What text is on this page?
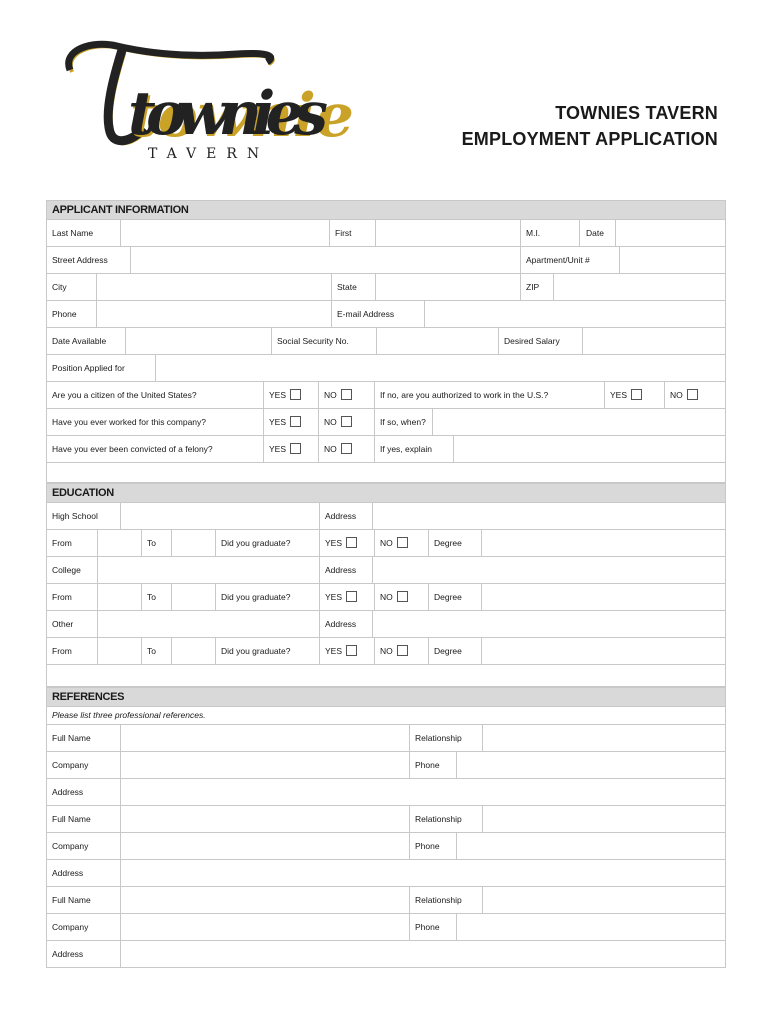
townie
townies
TAVERN
TOWNIES TAVERN
EMPLOYMENT APPLICATION
APPLICANT INFORMATION
Last Name	First	M.I.	Date
Street Address	Apartment/Unit #
City	State	ZIP
Phone	E-mail Address
Date Available	Social Security No.	Desired Salary
Position Applied for
Are you a citizen of the United States?	YES	NO	If no, are you authorized to work in the U.S.?	YES	NO
Have you ever worked for this company?	YES	NO	If so, when?
Have you ever been convicted of a felony?	YES	NO	If yes, explain
EDUCATION
High School	Address
From	To	Did you graduate?	YES	NO	Degree
College	Address
From	To	Did you graduate?	YES	NO	Degree
Other	Address
From	To	Did you graduate?	YES	NO	Degree
REFERENCES
Please list three professional references.
Full Name	Relationship
Company	Phone
Address
Full Name	Relationship
Company	Phone
Address
Full Name	Relationship
Company	Phone
Address
